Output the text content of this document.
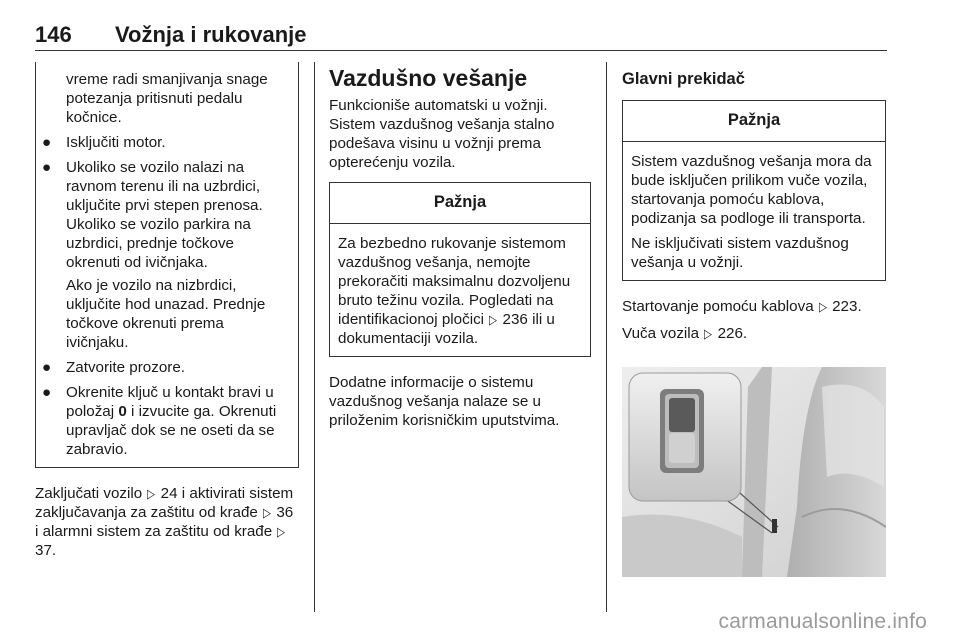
146 Vožnja i rukovanje
vreme radi smanjivanja snage potezanja pritisnuti pedalu kočnice.
● Isključiti motor.
● Ukoliko se vozilo nalazi na ravnom terenu ili na uzbrdici, uključite prvi stepen prenosa. Ukoliko se vozilo parkira na uzbrdici, prednje točkove okrenuti od ivičnjaka.
Ako je vozilo na nizbrdici, uključite hod unazad. Prednje točkove okrenuti prema ivičnjaku.
● Zatvorite prozore.
● Okrenite ključ u kontakt bravi u položaj 0 i izvucite ga. Okrenuti upravljač dok se ne oseti da se zabravio.

Zaključati vozilo ▷ 24 i aktivirati sistem zaključavanja za zaštitu od krađe ▷ 36 i alarmni sistem za zaštitu od krađe ▷ 37.

Vazdušno vešanje

Funkcioniše automatski u vožnji. Sistem vazdušnog vešanja stalno podešava visinu u vožnji prema opterećenju vozila.

Pažnja

Za bezbedno rukovanje sistemom vazdušnog vešanja, nemojte prekoračiti maksimalnu dozvoljenu bruto težinu vozila. Pogledati na identifikacionoj pločici ▷ 236 ili u dokumentaciji vozila.

Dodatne informacije o sistemu vazdušnog vešanja nalaze se u priloženim korisničkim uputstvima.

Glavni prekidač
Pažnja

Sistem vazdušnog vešanja mora da bude isključen prilikom vuče vozila, startovanja pomoću kablova, podizanja sa podloge ili transporta.

Ne isključivati sistem vazdušnog vešanja u vožnji.

Startovanje pomoću kablova ▷ 223.

Vuča vozila ▷ 226.

carmanualsonline.info
